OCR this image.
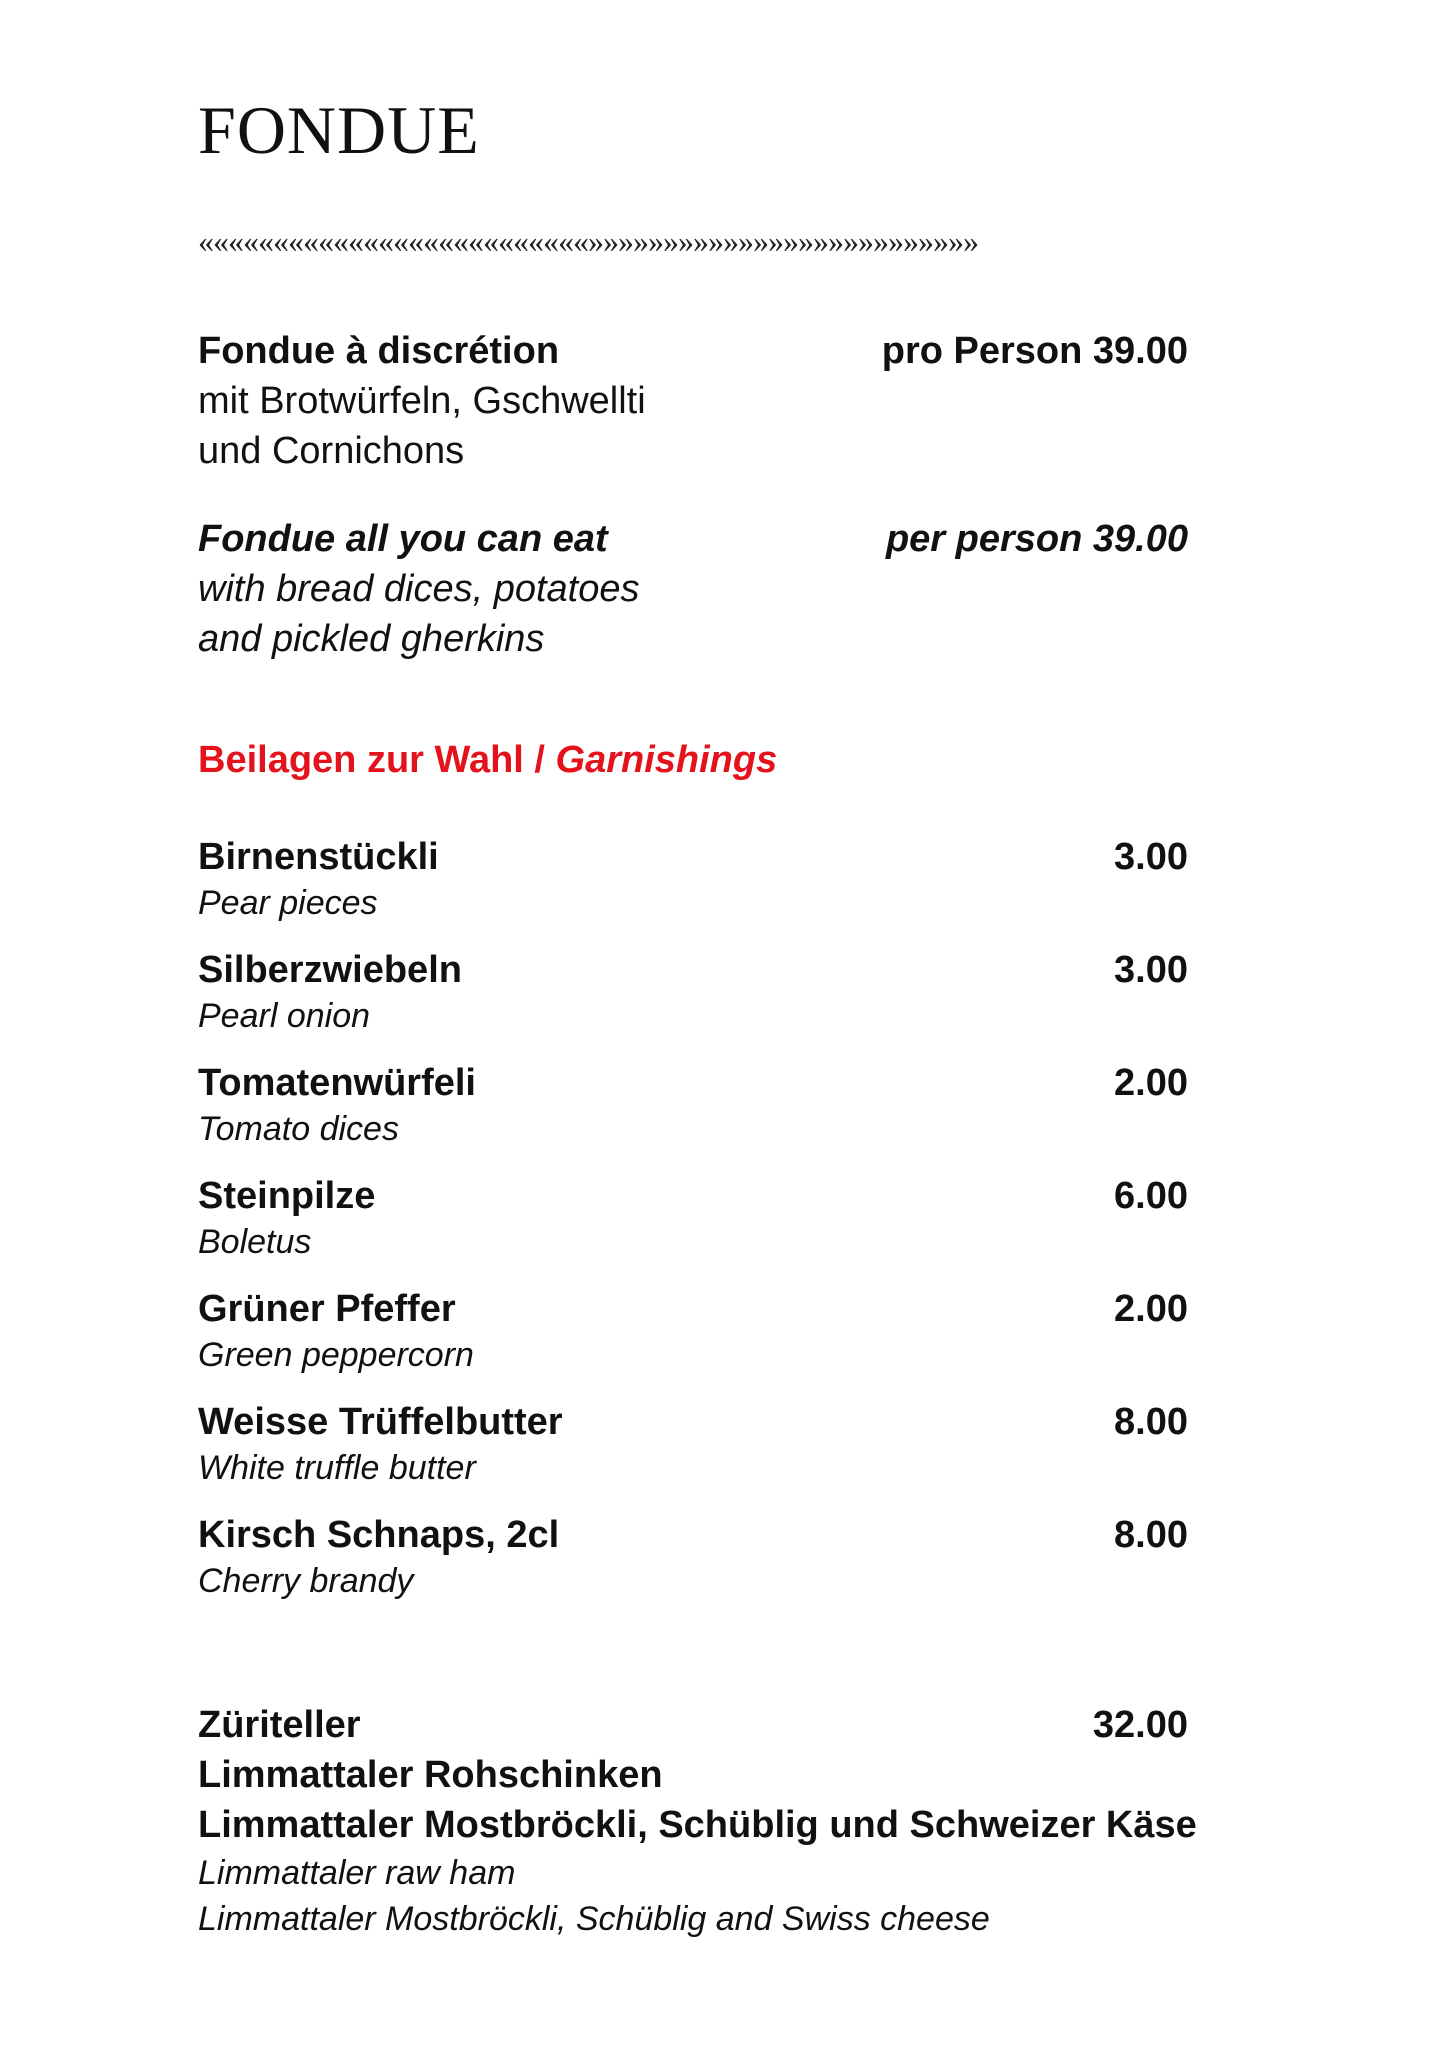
FONDUE
««««««««««««««««««««««««««»»»»»»»»»»»»»»»»»»»»»»»»»»
Fondue à discrétion	pro Person 39.00
mit Brotwürfeln, Gschwellti
und Cornichons
Fondue all you can eat	per person 39.00
with bread dices, potatoes
and pickled gherkins
Beilagen zur Wahl / Garnishings
Birnenstückli	3.00
Pear pieces
Silberzwiebeln	3.00
Pearl onion
Tomatenwürfeli	2.00
Tomato dices
Steinpilze	6.00
Boletus
Grüner Pfeffer	2.00
Green peppercorn
Weisse Trüffelbutter	8.00
White truffle butter
Kirsch Schnaps, 2cl	8.00
Cherry brandy
Züriteller	32.00
Limmattaler Rohschinken
Limmattaler Mostbröckli, Schüblig und Schweizer Käse
Limmattaler raw ham
Limmattaler Mostbröckli, Schüblig and Swiss cheese
